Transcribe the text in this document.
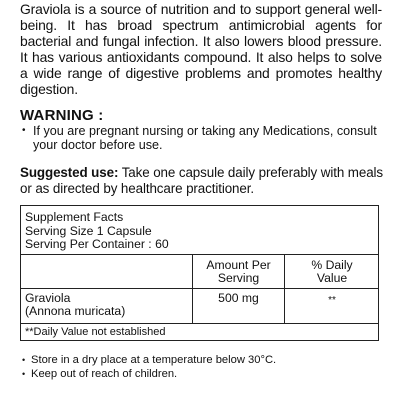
Graviola is a source of nutrition and to support general well-being. It has broad spectrum antimicrobial agents for bacterial and fungal infection. It also lowers blood pressure. It has various antioxidants compound. It also helps to solve a wide range of digestive problems and promotes healthy digestion.
WARNING :
• If you are pregnant nursing or taking any Medications, consult your doctor before use.
Suggested use: Take one capsule daily preferably with meals or as directed by healthcare practitioner.
Supplement Facts
Serving Size 1 Capsule
Serving Per Container : 60
Amount Per
Serving
% Daily
Value
Graviola
(Annona muricata)
500 mg	**
**Daily Value not established
• Store in a dry place at a temperature below 30°C.
• Keep out of reach of children.
